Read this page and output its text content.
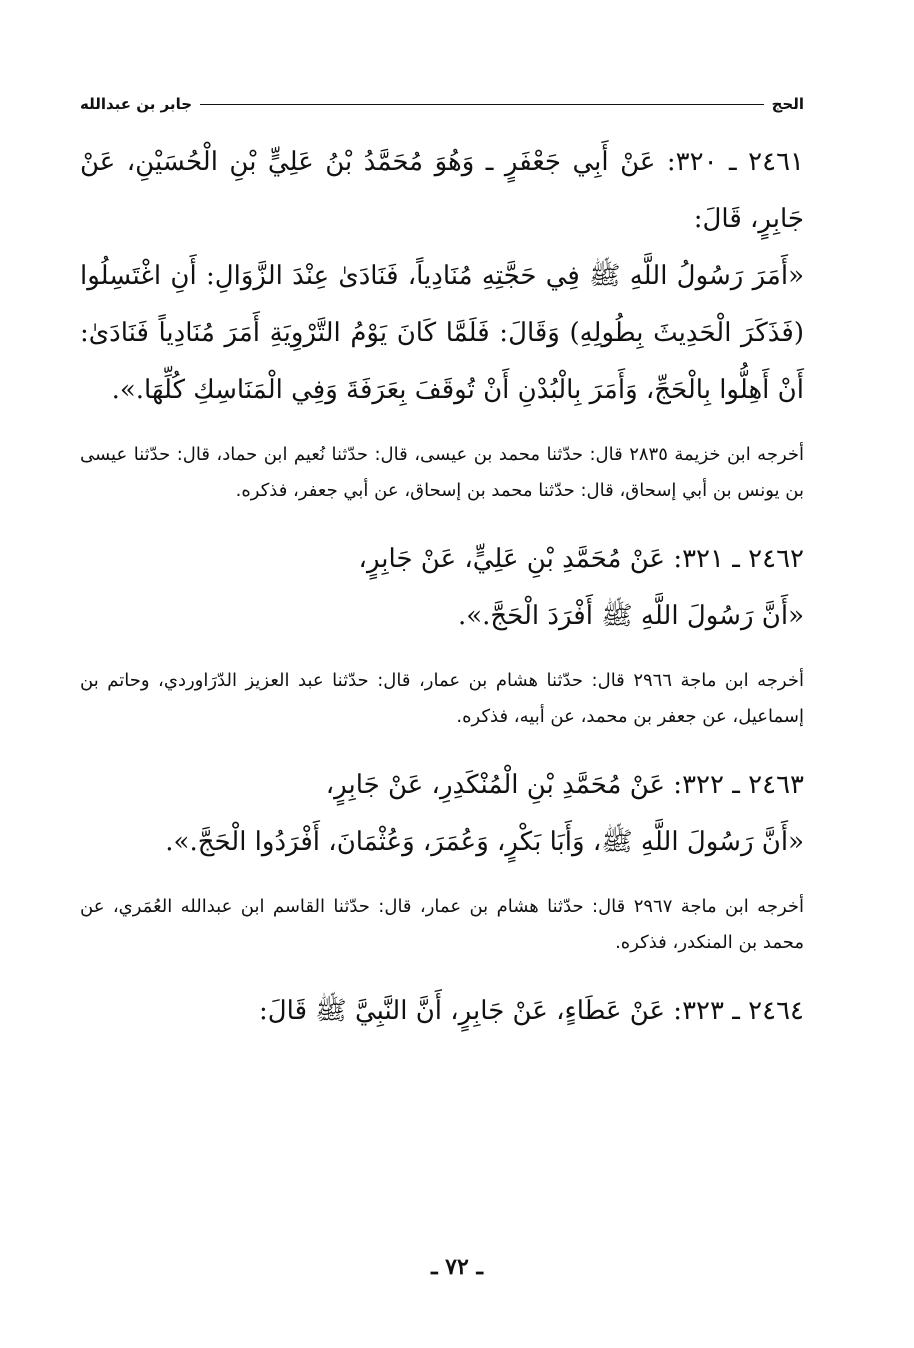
الحج
جابر بن عبدالله

٢٤٦١ ـ ٣٢٠: عَنْ أَبِي جَعْفَرٍ ـ وَهُوَ مُحَمَّدُ بْنُ عَلِيٍّ بْنِ الْحُسَيْنِ، عَنْ جَابِرٍ، قَالَ:

«أَمَرَ رَسُولُ اللَّهِ ﷺ فِي حَجَّتِهِ مُنَادِياً، فَنَادَىٰ عِنْدَ الزَّوَالِ: أَنِ اغْتَسِلُوا (فَذَكَرَ الْحَدِيثَ بِطُولِهِ) وَقَالَ: فَلَمَّا كَانَ يَوْمُ التَّرْوِيَةِ أَمَرَ مُنَادِياً فَنَادَىٰ: أَنْ أَهِلُّوا بِالْحَجِّ، وَأَمَرَ بِالْبُدْنِ أَنْ تُوقَفَ بِعَرَفَةَ وَفِي الْمَنَاسِكِ كُلِّهَا.».

أخرجه ابن خزيمة ٢٨٣٥ قال: حدّثنا محمد بن عيسى، قال: حدّثنا نُعيم ابن حماد، قال: حدّثنا عيسى بن يونس بن أبي إسحاق، قال: حدّثنا محمد بن إسحاق، عن أبي جعفر، فذكره.

٢٤٦٢ ـ ٣٢١: عَنْ مُحَمَّدِ بْنِ عَلِيٍّ، عَنْ جَابِرٍ،

«أَنَّ رَسُولَ اللَّهِ ﷺ أَفْرَدَ الْحَجَّ.».

أخرجه ابن ماجة ٢٩٦٦ قال: حدّثنا هشام بن عمار، قال: حدّثنا عبد العزيز الدّرَاوردي، وحاتم بن إسماعيل، عن جعفر بن محمد، عن أبيه، فذكره.

٢٤٦٣ ـ ٣٢٢: عَنْ مُحَمَّدِ بْنِ الْمُنْكَدِرِ، عَنْ جَابِرٍ،

«أَنَّ رَسُولَ اللَّهِ ﷺ، وَأَبَا بَكْرٍ، وَعُمَرَ، وَعُثْمَانَ، أَفْرَدُوا الْحَجَّ.».

أخرجه ابن ماجة ٢٩٦٧ قال: حدّثنا هشام بن عمار، قال: حدّثنا القاسم ابن عبدالله العُمَري، عن محمد بن المنكدر، فذكره.

٢٤٦٤ ـ ٣٢٣: عَنْ عَطَاءٍ، عَنْ جَابِرٍ، أَنَّ النَّبِيَّ ﷺ قَالَ:

ـ ٧٢ ـ
